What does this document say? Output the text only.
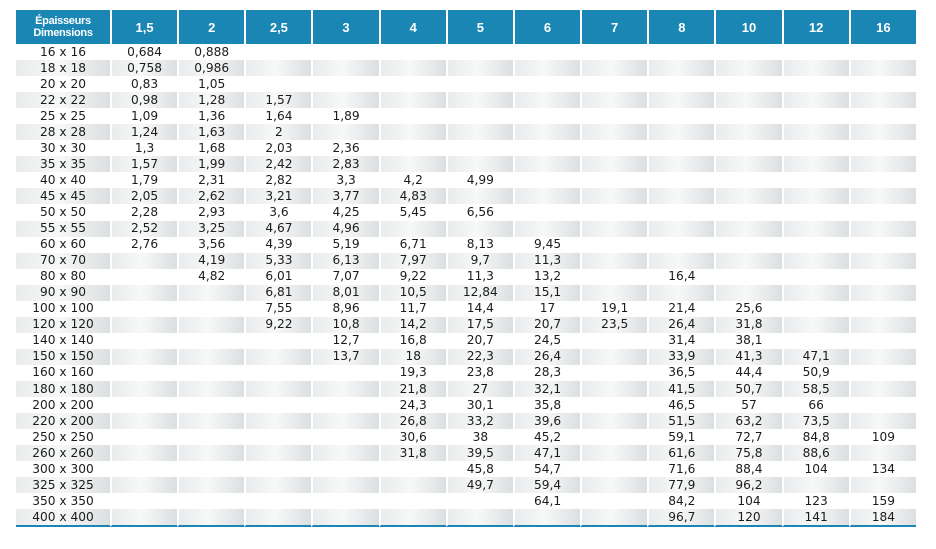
Épaisseurs
Dimensions	1,5	2	2,5	3	4	5	6	7	8	10	12	16
16 x 16	0,684	0,888										
18 x 18	0,758	0,986										
20 x 20	0,83	1,05										
22 x 22	0,98	1,28	1,57									
25 x 25	1,09	1,36	1,64	1,89								
28 x 28	1,24	1,63	2									
30 x 30	1,3	1,68	2,03	2,36								
35 x 35	1,57	1,99	2,42	2,83								
40 x 40	1,79	2,31	2,82	3,3	4,2	4,99						
45 x 45	2,05	2,62	3,21	3,77	4,83							
50 x 50	2,28	2,93	3,6	4,25	5,45	6,56						
55 x 55	2,52	3,25	4,67	4,96								
60 x 60	2,76	3,56	4,39	5,19	6,71	8,13	9,45					
70 x 70		4,19	5,33	6,13	7,97	9,7	11,3					
80 x 80		4,82	6,01	7,07	9,22	11,3	13,2		16,4			
90 x 90			6,81	8,01	10,5	12,84	15,1					
100 x 100			7,55	8,96	11,7	14,4	17	19,1	21,4	25,6		
120 x 120			9,22	10,8	14,2	17,5	20,7	23,5	26,4	31,8		
140 x 140				12,7	16,8	20,7	24,5		31,4	38,1		
150 x 150				13,7	18	22,3	26,4		33,9	41,3	47,1	
160 x 160					19,3	23,8	28,3		36,5	44,4	50,9	
180 x 180					21,8	27	32,1		41,5	50,7	58,5	
200 x 200					24,3	30,1	35,8		46,5	57	66	
220 x 200					26,8	33,2	39,6		51,5	63,2	73,5	
250 x 250					30,6	38	45,2		59,1	72,7	84,8	109
260 x 260					31,8	39,5	47,1		61,6	75,8	88,6	
300 x 300						45,8	54,7		71,6	88,4	104	134
325 x 325						49,7	59,4		77,9	96,2		
350 x 350							64,1		84,2	104	123	159
400 x 400									96,7	120	141	184
